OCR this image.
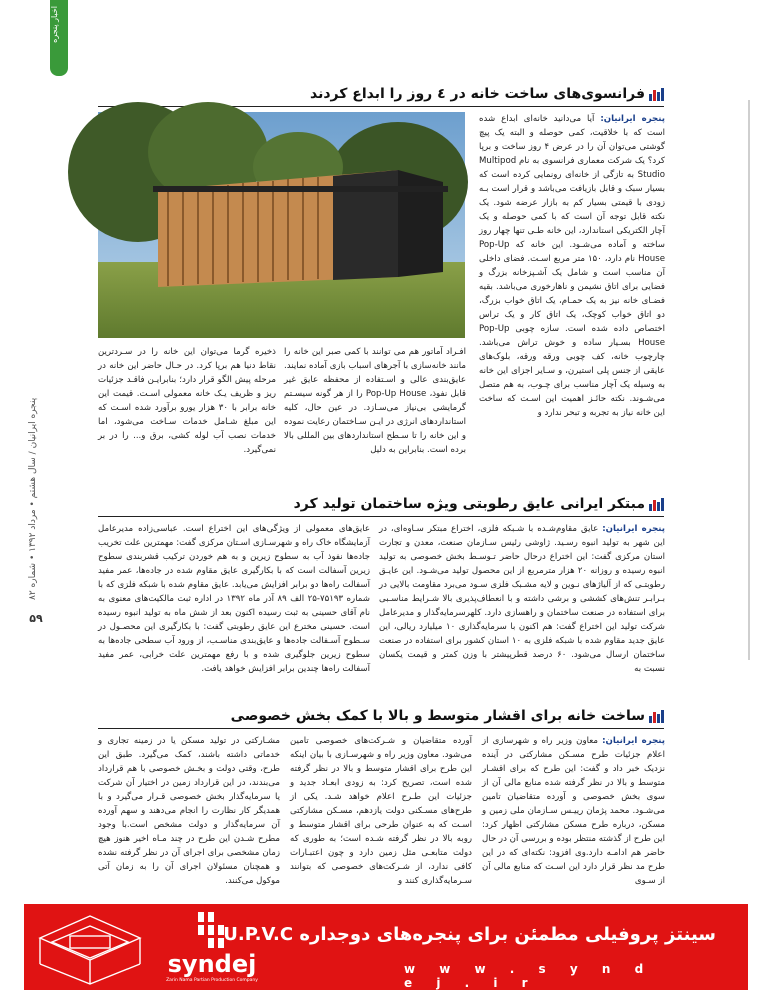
اخبار پنجره
پنجره ایرانیان / سال هشتم • مرداد ۱۳۹۲ • شماره ۸۲
۵۹
فرانسوی‌های ساخت خانه در ٤ روز را ابداع کردند

پنجره ایرانیان: آیا می‌دانید خانه‌ای ابداع شده است که با خلاقیت، کمی حوصله و البته یک پیچ گوشتی می‌توان آن را در عرض ۴ روز ساخت و برپا کرد؟ یک شرکت معماری فرانسوی به نام Multipod Studio به تازگی از خانه‌ای رونمایی کرده است که بسیار سبک و قابل بازیافت می‌باشد و قرار است بـه زودی با قیمتی بسیار کم به بازار عرضه شود. یک نکته قابل توجه آن است که با کمی حوصله و یک آچار الکتریکی استاندارد، این خانه طـی تنها چهار روز ساخته و آماده می‌شـود. این خانه که Pop-Up House نام دارد، ۱۵۰ متر مربع اسـت. فضای داخلی آن مناسب است و شامل یک آشـپزخانه بزرگ و فضایی برای اتاق نشیمن و ناهارخوری می‌باشد. بقیه فضـای خانه نیز به یک حمـام، یک اتاق خواب بزرگ، دو اتاق خواب کوچک، یک اتاق کار و یک تراس اختصاص داده شده است. سازه چوبی Pop-Up House بسـیار ساده و خوش تراش می‌باشد. چارچوب خانه، کف چوبی ورقه ورقه، بلوک‌های عایقی از جنس پلی استیرن، و سـایر اجزای این خانه به وسیله یک آچار مناسب برای چـوب، به هم متصل می‌شـوند. نکته حائـز اهمیت این اسـت که ساخت این خانه نیاز به تجربه و تبحر ندارد و

افـراد آماتور هم می توانند با کمی صبر این خانه را مانند خانه‌سازی با آجرهای اسباب بازی آماده نمایند. عایق‌بندی عالی و اسـتفاده از محفظه عایق غیر قابل نفوذ، Pop-Up House را از هر گونه سیسـتم گرمایشی بی‌نیاز می‌سـازد. در عین حال، کلیه استانداردهای انرژی در ایـن سـاختمان رعایت نموده و این خانه را تا سـطح استانداردهای بین المللی بالا برده است. بنابراین به دلیل

ذخیره گرما می‌توان این خانه را در سـردترین نقاط دنیا هم برپا کرد. در حـال حاضر این خانه در مرحله پیش الگو قرار دارد؛ بنابرایـن فاقـد جزئیات ریز و ظریف یـک خانه معمولی اسـت. قیمت این خانه برابر با ۳۰ هزار یورو برآورد شده اسـت که این مبلغ شـامل خدمات سـاخت می‌شود، اما خدمات نصب آب لوله کشی، برق و... را در بر نمی‌گیرد.

مبتکر ایرانی عایق رطوبتی ویژه ساختمان تولید کرد

پنجره ایرانیان: عایق مقاوم‌شـده با شـبکه فلزی، اختراع مبتکر سـاوه‌ای، در این شهر به تولید انبوه رسـید. ژاوشی رئیس سـازمان صنعت، معدن و تجارت استان مرکزی گفت: این اختراع درحال حاضر تـوسـط بخش خصوصی به تولید انبوه رسیده و روزانه ۲۰ هزار مترمربع از این محصول تولید می‌شـود. این عایـق رطوبتـی که از آلیاژهای نـوین و لایه مشـبک فلزی سـود می‌برد مقاومت بالایی در بـرابـر تنش‌های کششی و برشی داشته و با انعطاف‌پذیری بالا شـرایط مناسـبی برای استفاده در صنعت ساختمان و راهسازی دارد. کلهرسرمایه‌گذار و مدیرعامل شرکت تولید این اختراع گفت: هم اکنون با سرمایه‌گذاری ۱۰ میلیارد ریالی، این عایق جدید مقاوم شده با شبکه فلزی به ۱۰ استان کشور برای استفاده در صنعت ساختمان ارسال می‌شود. ۶۰ درصد قطرپیشتر با وزن کمتر و قیمت یکسان نسبت به

عایق‌های معمولی از ویژگی‌های این اختراع است. عباسی‌زاده مدیرعامل آزمایشگاه خاک راه و شهرسـازی اسـتان مرکزی گفت: مهمترین علت تخریب جاده‌ها نفوذ آب به سطوح زیرین و به هم خوردن ترکیب قشربندی سطوح زیرین آسفالت است که با بکارگیری عایق مقاوم شده در جاده‌ها، عمر مفید آسفالت راه‌ها دو برابر افزایش می‌یابد. عایق مقاوم شده با شبکه فلزی که با شماره ۷۵۱۹۳-۲۵ الف ۸۹ آذر ماه ۱۳۹۲ در اداره ثبت مالکیت‌های معنوی به نام آقای حسینی به ثبت رسیده اکنون بعد از شش ماه به تولید انبوه رسیده است. حسینی مخترع این عایق رطوبتی گفت: با بکارگیری این محصـول در سـطوح آسـفالت جاده‌ها و عایق‌بندی مناسـب، از ورود آب سطحی جاده‌ها به سطوح زیرین جلوگیری شده و با رفع مهمترین علت خرابی، عمر مفید آسفالت راه‌ها چندین برابر افزایش خواهد یافت.

ساخت خانه برای اقشار متوسط و بالا با کمک بخش خصوصی

پنجره ایرانیان: معاون وزیر راه و شهرسازی از اعلام جزئیات طرح مسـکن مشارکتی در آینده نزدیک خبر داد و گفت: این طرح که برای اقشـار متوسط و بالا در نظر گرفته شده منابع مالی آن از سوی بخش خصوصی و آورده متقاضیان تامین می‌شـود. محمد پژمان رییـس سـازمان ملی زمین و مسکن، درباره طرح مسکن مشارکتی اظهار کرد: این طرح از گذشته منتظر بوده و بررسی آن در حال حاضر هم ادامـه دارد.وی افزود: نکته‌ای که در این طرح مد نظر قرار دارد این اسـت که منابع مالی آن از سـوی

آورده متقاضیان و شـرکت‌های خصوصی تامین می‌شود. معاون وزیر راه و شهرسـازی با بیان اینکه این طرح برای اقشار متوسط و بالا در نظر گرفته شده است، تصریح کرد: به زودی ابعـاد جدید و جزئیات این طـرح اعلام خواهد شـد. یکی از طرح‌های مسـکنی دولت یازدهم، مسـکن مشارکتی اسـت که به عنوان طرحی برای اقشار متوسط و روبه بالا در نظر گرفته شـده است؛ به طوری که دولت متابعـی مثل زمین دارد و چون اعتبـارات کافی ندارد، از شـرکت‌های خصوصی که بتوانند سـرمایه‌گذاری کنند و

مشـارکتی در تولید مسکن یا در زمینه تجاری و خدماتی داشته باشند، کمک می‌گیرد. طبق این طرح، وقتی دولت و بخـش خصوصی با هم قرارداد می‌بندند، در این قرارداد زمین در اختیار آن شرکت یا سرمایه‌گذار بخش خصوصی قـرار می‌گیرد و با همدیگر کار نظارت را انجام می‌دهند و سهم آورده آن سرمایه‌گذار و دولت مشخص است.با وجود مطرح شـدن این طرح در چند مـاه اخیر هنوز هیچ زمان مشخصی برای اجرای آن در نظر گرفته نشده و همچنان مسئولان اجرای آن را به زمان آتی موکول می‌کنند.

syndej
Zarin Nama Partian Production Company
سینتز پروفیلی مطمئن برای پنجره‌های دوجداره U.P.V.C
w w w . s y n d e j . i r
